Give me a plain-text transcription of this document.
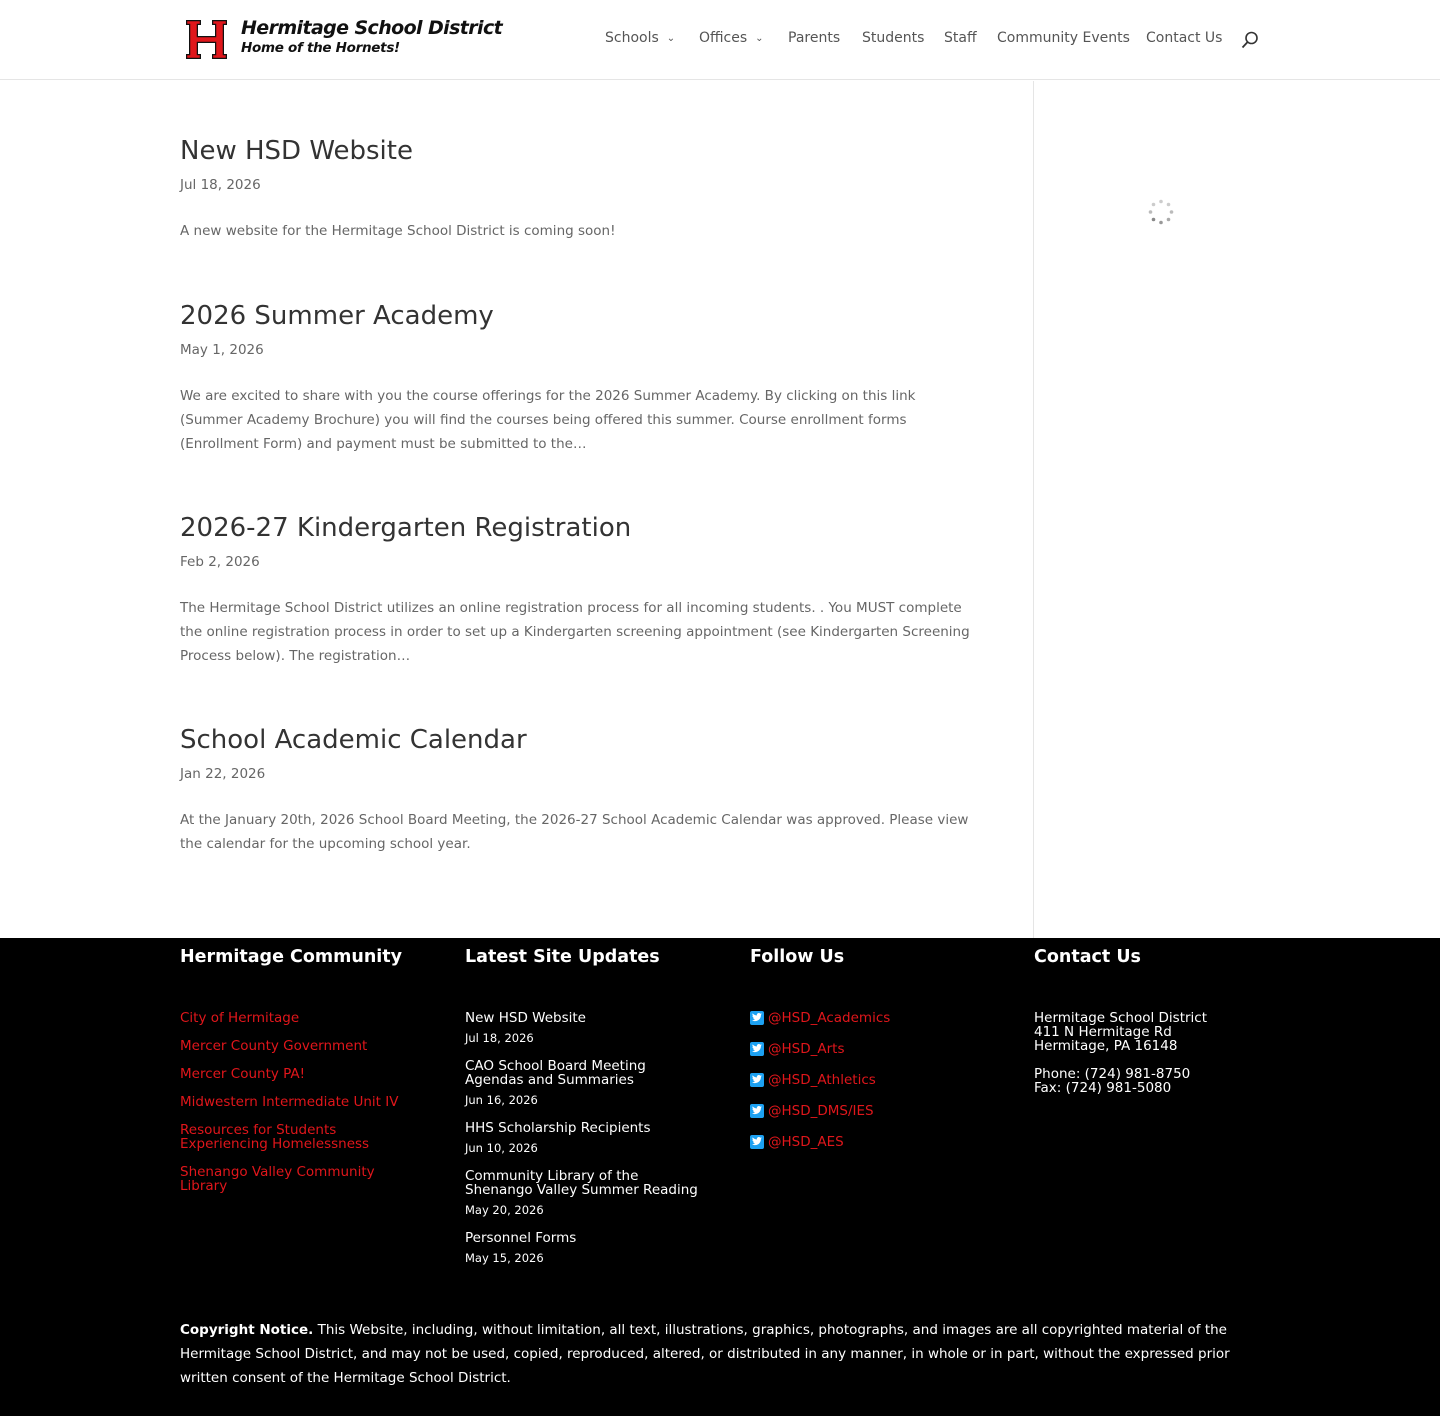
Hermitage School District
Home of the Hornets!
Schools ⌄ Offices ⌄ Parents Students Staff Community Events Contact Us
New HSD Website
Jul 18, 2026

A new website for the Hermitage School District is coming soon!

2026 Summer Academy
May 1, 2026

We are excited to share with you the course offerings for the 2026 Summer Academy. By clicking on this link (Summer Academy Brochure) you will find the courses being offered this summer. Course enrollment forms (Enrollment Form) and payment must be submitted to the…

2026-27 Kindergarten Registration
Feb 2, 2026

The Hermitage School District utilizes an online registration process for all incoming students. . You MUST complete the online registration process in order to set up a Kindergarten screening appointment (see Kindergarten Screening Process below). The registration…

School Academic Calendar
Jan 22, 2026

At the January 20th, 2026 School Board Meeting, the 2026-27 School Academic Calendar was approved. Please view the calendar for the upcoming school year.

Hermitage Community
City of Hermitage
Mercer County Government
Mercer County PA!
Midwestern Intermediate Unit IV
Resources for Students Experiencing Homelessness
Shenango Valley Community Library
Latest Site Updates
New HSD Website
Jul 18, 2026
CAO School Board Meeting Agendas and Summaries
Jun 16, 2026
HHS Scholarship Recipients
Jun 10, 2026
Community Library of the Shenango Valley Summer Reading
May 20, 2026
Personnel Forms
May 15, 2026
Follow Us
@HSD_Academics
@HSD_Arts
@HSD_Athletics
@HSD_DMS/IES
@HSD_AES
Contact Us
Hermitage School District
411 N Hermitage Rd
Hermitage, PA 16148
Phone: (724) 981-8750
Fax: (724) 981-5080

Copyright Notice. This Website, including, without limitation, all text, illustrations, graphics, photographs, and images are all copyrighted material of the Hermitage School District, and may not be used, copied, reproduced, altered, or distributed in any manner, in whole or in part, without the expressed prior written consent of the Hermitage School District.
